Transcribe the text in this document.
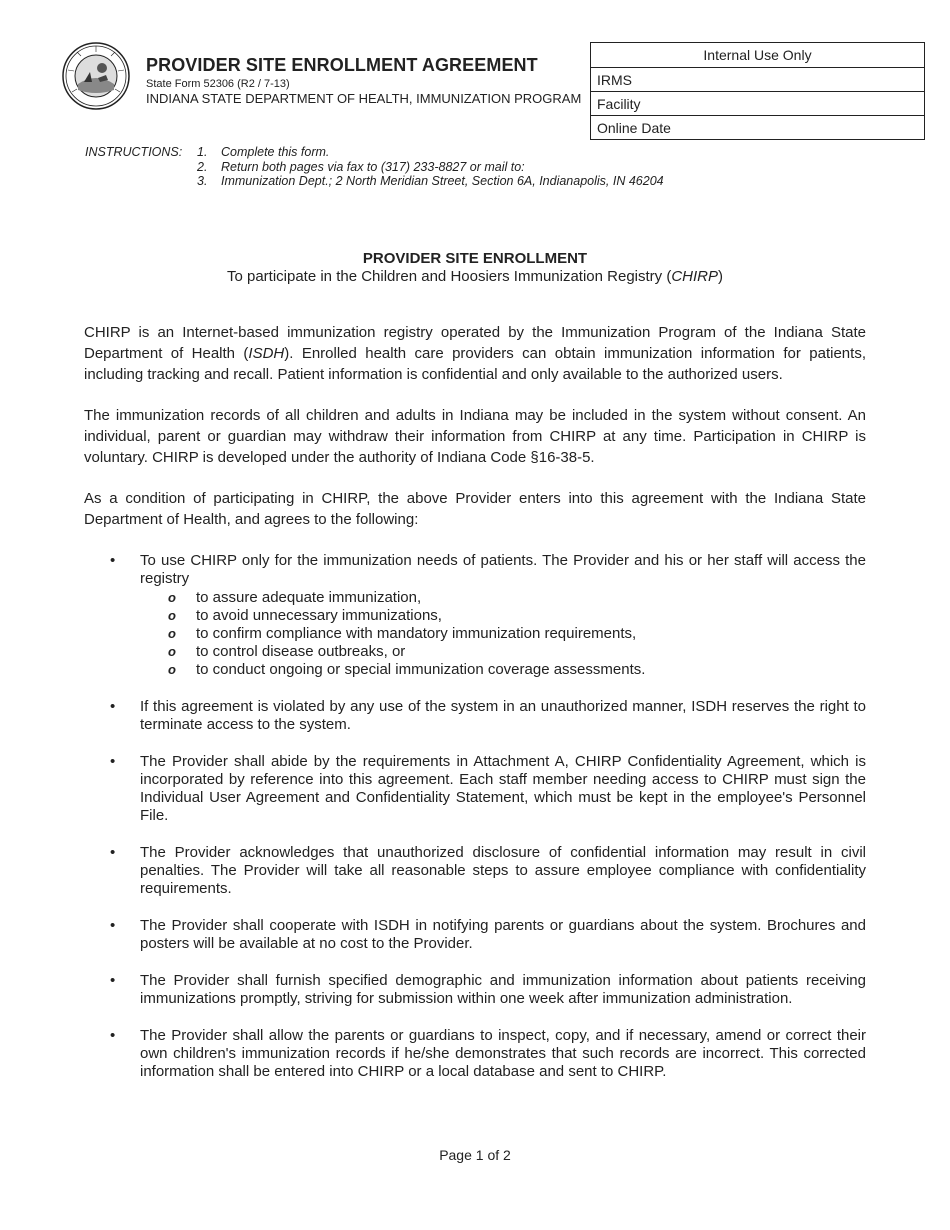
PROVIDER SITE ENROLLMENT AGREEMENT
State Form 52306 (R2 / 7-13)
INDIANA STATE DEPARTMENT OF HEALTH, IMMUNIZATION PROGRAM
Internal Use Only
IRMS
Facility
Online Date
INSTRUCTIONS: 1. Complete this form.
2. Return both pages via fax to (317) 233-8827 or mail to:
3. Immunization Dept.; 2 North Meridian Street, Section 6A, Indianapolis, IN 46204
PROVIDER SITE ENROLLMENT
To participate in the Children and Hoosiers Immunization Registry (CHIRP)
CHIRP is an Internet-based immunization registry operated by the Immunization Program of the Indiana State Department of Health (ISDH). Enrolled health care providers can obtain immunization information for patients, including tracking and recall. Patient information is confidential and only available to the authorized users.
The immunization records of all children and adults in Indiana may be included in the system without consent. An individual, parent or guardian may withdraw their information from CHIRP at any time. Participation in CHIRP is voluntary. CHIRP is developed under the authority of Indiana Code §16-38-5.
As a condition of participating in CHIRP, the above Provider enters into this agreement with the Indiana State Department of Health, and agrees to the following:
• To use CHIRP only for the immunization needs of patients. The Provider and his or her staff will access the registry
o to assure adequate immunization,
o to avoid unnecessary immunizations,
o to confirm compliance with mandatory immunization requirements,
o to control disease outbreaks, or
o to conduct ongoing or special immunization coverage assessments.
• If this agreement is violated by any use of the system in an unauthorized manner, ISDH reserves the right to terminate access to the system.
• The Provider shall abide by the requirements in Attachment A, CHIRP Confidentiality Agreement, which is incorporated by reference into this agreement. Each staff member needing access to CHIRP must sign the Individual User Agreement and Confidentiality Statement, which must be kept in the employee's Personnel File.
• The Provider acknowledges that unauthorized disclosure of confidential information may result in civil penalties. The Provider will take all reasonable steps to assure employee compliance with confidentiality requirements.
• The Provider shall cooperate with ISDH in notifying parents or guardians about the system. Brochures and posters will be available at no cost to the Provider.
• The Provider shall furnish specified demographic and immunization information about patients receiving immunizations promptly, striving for submission within one week after immunization administration.
• The Provider shall allow the parents or guardians to inspect, copy, and if necessary, amend or correct their own children's immunization records if he/she demonstrates that such records are incorrect. This corrected information shall be entered into CHIRP or a local database and sent to CHIRP.
Page 1 of 2
